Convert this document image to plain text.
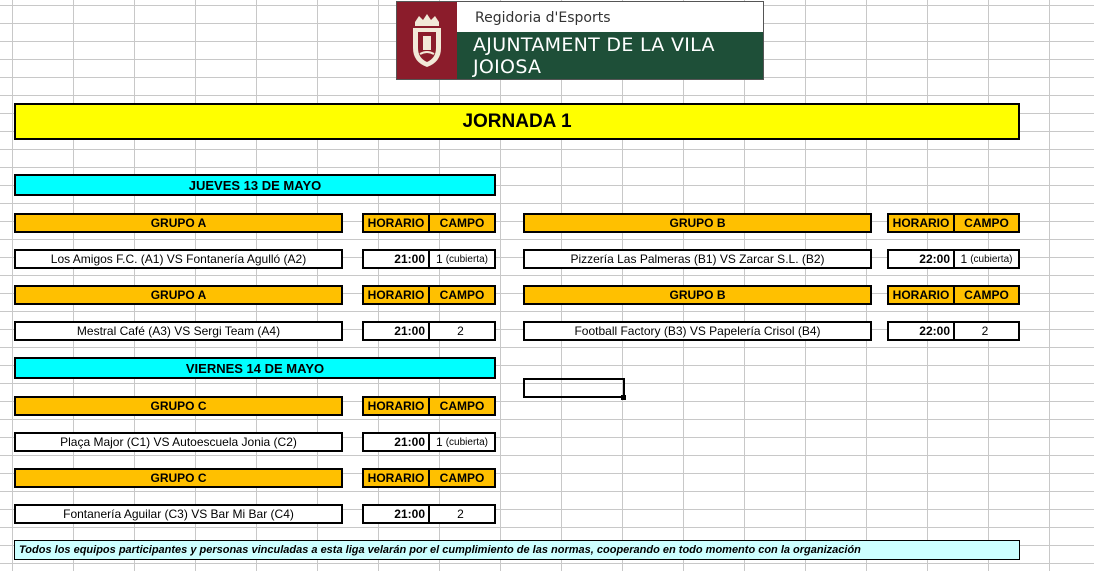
Regidoria d'Esports
AJUNTAMENT DE LA VILA JOIOSA
JORNADA 1
JUEVES 13 DE MAYO
GRUPO A	HORARIO	CAMPO
Los Amigos F.C. (A1) VS Fontanería Agulló (A2)	21:00 1 (cubierta)
GRUPO B	HORARIO	CAMPO
Pizzería Las Palmeras (B1) VS Zarcar S.L. (B2)	22:00 1 (cubierta)
GRUPO A	HORARIO	CAMPO
Mestral Café (A3) VS Sergi Team (A4)	21:00	2
GRUPO B	HORARIO	CAMPO
Football Factory (B3) VS Papelería Crisol (B4)	22:00	2
VIERNES 14 DE MAYO
GRUPO C	HORARIO	CAMPO
Plaça Major (C1) VS Autoescuela Jonia (C2)	21:00 1 (cubierta)
GRUPO C	HORARIO	CAMPO
Fontanería Aguilar (C3) VS Bar Mi Bar (C4)	21:00	2
Todos los equipos participantes y personas vinculadas a esta liga velarán por el cumplimiento de las normas, cooperando en todo momento con la organización
